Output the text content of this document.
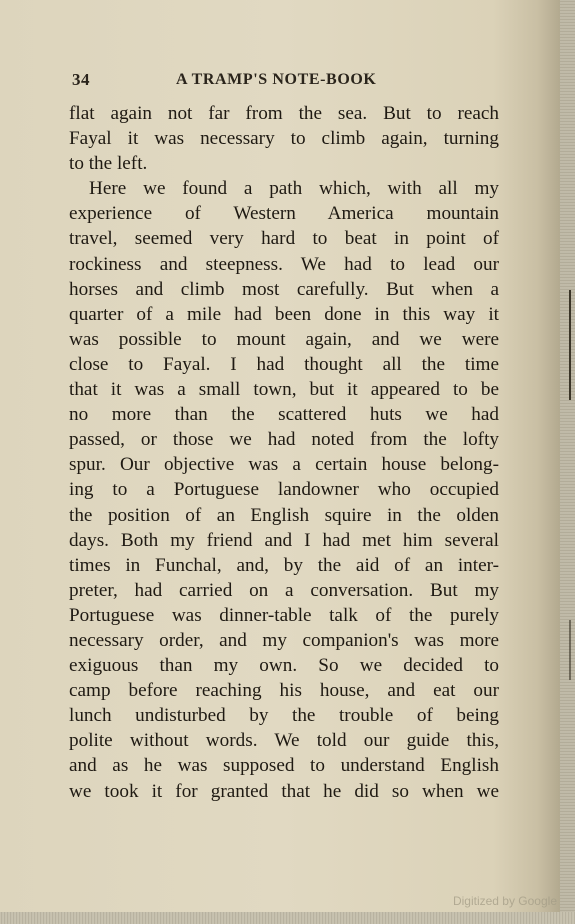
34	A TRAMP'S NOTE-BOOK
flat again not far from the sea. But to reach
Fayal it was necessary to climb again, turning
to the left.
Here we found a path which, with all my
experience of Western America mountain
travel, seemed very hard to beat in point of
rockiness and steepness. We had to lead our
horses and climb most carefully. But when a
quarter of a mile had been done in this way it
was possible to mount again, and we were
close to Fayal. I had thought all the time
that it was a small town, but it appeared to be
no more than the scattered huts we had
passed, or those we had noted from the lofty
spur. Our objective was a certain house belong-
ing to a Portuguese landowner who occupied
the position of an English squire in the olden
days. Both my friend and I had met him several
times in Funchal, and, by the aid of an inter-
preter, had carried on a conversation. But my
Portuguese was dinner-table talk of the purely
necessary order, and my companion's was more
exiguous than my own. So we decided to
camp before reaching his house, and eat our
lunch undisturbed by the trouble of being
polite without words. We told our guide this,
and as he was supposed to understand English
we took it for granted that he did so when we
Digitized by Google
